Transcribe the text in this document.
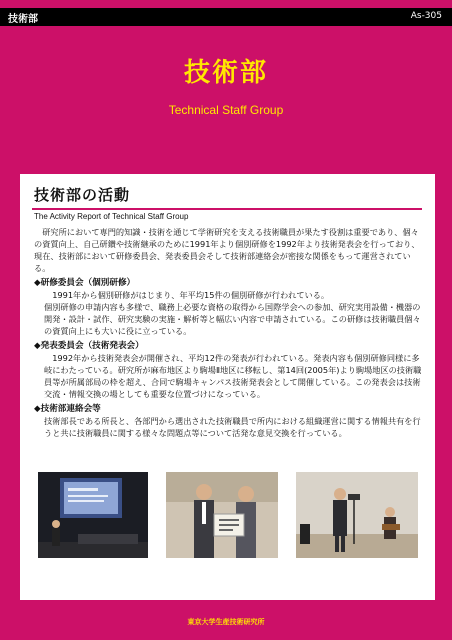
技術部	As-305
技術部
Technical Staff Group
技術部の活動
The Activity Report of Technical Staff Group

研究所において専門的知識・技術を通じて学術研究を支える技術職員が果たす役割は重要であり、個々の資質向上、自己研鑽や技術継承のために1991年より個別研修を1992年より技術発表会を行っており、現在、技術部において研修委員会、発表委員会そして技術部連絡会が密接な関係をもって運営されている。

◆研修委員会（個別研修）

1991年から個別研修がはじまり、年平均15件の個別研修が行われている。

個別研修の申請内容も多様で、職務上必要な資格の取得から国際学会への参加、研究実用設備・機器の開発・設計・試作、研究実験の実施・解析等と幅広い内容で申請されている。この研修は技術職員個々の資質向上にも大いに役に立っている。

◆発表委員会（技術発表会）

1992年から技術発表会が開催され、平均12件の発表が行われている。発表内容も個別研修同様に多岐にわたっている。研究所が麻布地区より駒場Ⅱ地区に移転し、第14回(2005年)より駒場地区の技術職員等が所属部局の枠を超え、合同で駒場キャンパス技術発表会として開催している。この発表会は技術交流・情報交換の場としても重要な位置づけになっている。

◆技術部連絡会等

技術部長である所長と、各部門から選出された技術職員で所内における組織運営に関する情報共有を行うと共に技術職員に関する様々な問題点等について活発な意見交換を行っている。

東京大学生産技術研究所
